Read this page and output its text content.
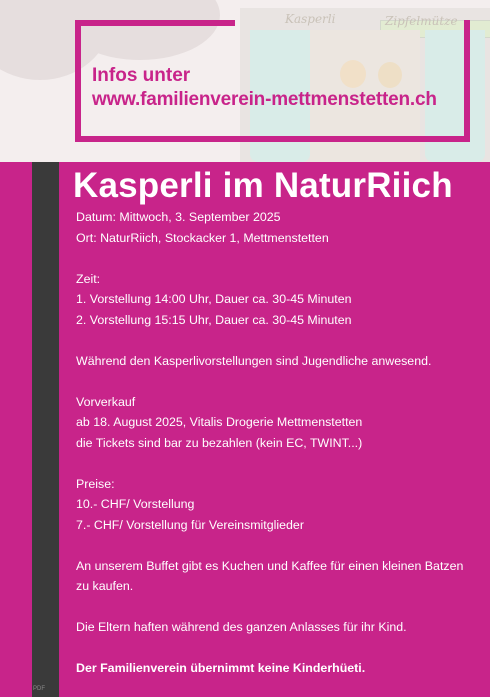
Kasperli	Zipfelmütze
Infos unter
www.familienverein-mettmenstetten.ch
PDF
Kasperli im NaturRiich
Datum: Mittwoch, 3. September 2025
Ort: NaturRiich, Stockacker 1, Mettmenstetten
Zeit:
1. Vorstellung 14:00 Uhr, Dauer ca. 30-45 Minuten
2. Vorstellung 15:15 Uhr, Dauer ca. 30-45 Minuten
Während den Kasperlivorstellungen sind Jugendliche anwesend.
Vorverkauf
ab 18. August 2025, Vitalis Drogerie Mettmenstetten
die Tickets sind bar zu bezahlen (kein EC, TWINT...)
Preise:
10.- CHF/ Vorstellung
7.- CHF/ Vorstellung für Vereinsmitglieder
An unserem Buffet gibt es Kuchen und Kaffee für einen kleinen Batzen zu kaufen.
Die Eltern haften während des ganzen Anlasses für ihr Kind.
Der Familienverein übernimmt keine Kinderhüeti.
